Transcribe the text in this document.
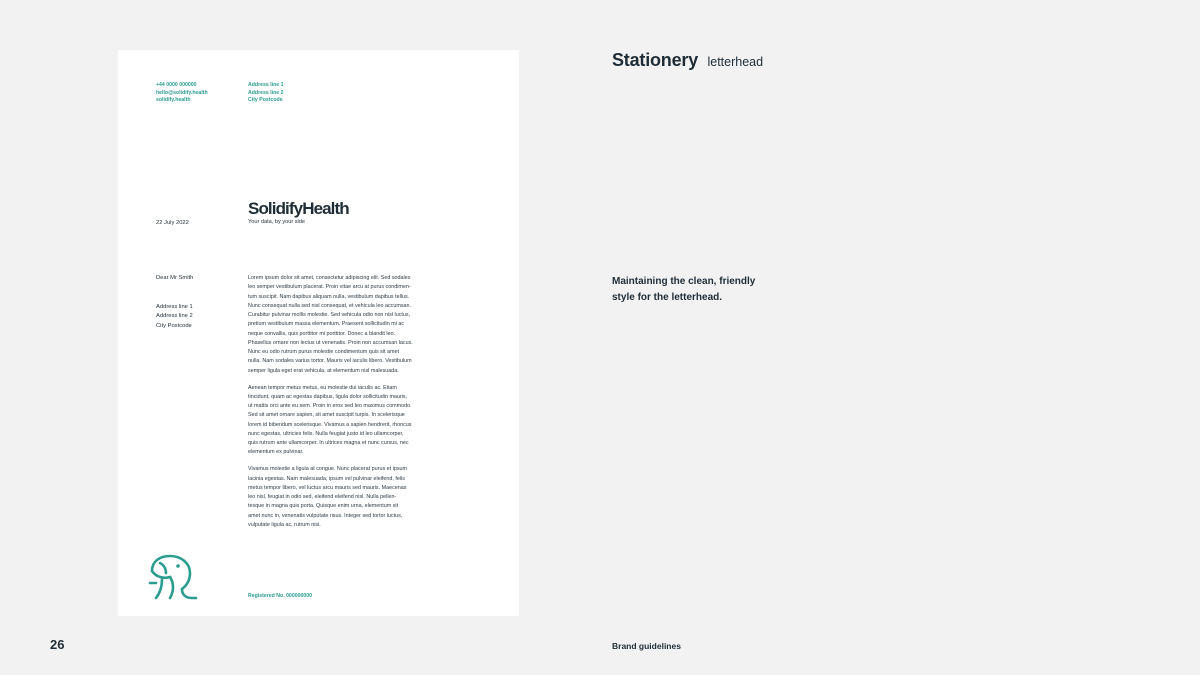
+44 0000 000000
hello@solidify.health
solidify.health
Address line 1
Address line 2
City Postcode
SolidifyHealth
Your data, by your side
22 July 2022
Dear Mr Smith
Address line 1
Address line 2
City Postcode

Lorem ipsum dolor sit amet, consectetur adipiscing elit. Sed sodales
leo semper vestibulum placerat. Proin vitae arcu at purus condimen-
tum suscipit. Nam dapibus aliquam nulla, vestibulum dapibus tellus.
Nunc consequat nulla sed nisl consequat, et vehicula leo accumsan.
Curabitur pulvinar mollis molestie. Sed vehicula odio non nisl luctus,
pretium vestibulum massa elementum. Praesent sollicitudin mi ac
neque convallis, quis porttitor mi porttitor. Donec a blandit leo.
Phasellus ornare non lectus ut venenatis. Proin non accumsan lacus.
Nunc eu odio rutrum purus molestie condimentum quis sit amet
nulla. Nam sodales varius tortor. Mauris vel iaculis libero. Vestibulum
semper ligula eget erat vehicula, at elementum nisl malesuada.

Aenean tempor metus metus, eu molestie dui iaculis ac. Etiam
tincidunt, quam ac egestas dapibus, ligula dolor sollicitudin mauris,
ut mattis orci ante eu sem. Proin in eros sed leo maximus commodo.
Sed sit amet ornare sapien, sit amet suscipit turpis. In scelerisque
lorem id bibendum scelerisque. Vivamus a sapien hendrerit, rhoncus
nunc egestas, ultricies felis. Nulla feugiat justo id leo ullamcorper,
quis rutrum ante ullamcorper. In ultrices magna et nunc cursus, nec
elementum ex pulvinar.

Vivamus molestie a ligula at congue. Nunc placerat purus et ipsum
lacinia egestas. Nam malesuada, ipsum vel pulvinar eleifend, felis
metus tempor libero, vel luctus arcu mauris sed mauris. Maecenas
leo nisl, feugiat in odio sed, eleifend eleifend nisl. Nulla pellen-
tesque in magna quis porta. Quisque enim urna, elementum sit
amet nunc in, venenatis vulputate risus. Integer sed tortor luctus,
vulputate ligula ac, rutrum nisi.

Registered No. 000000000
Stationery letterhead
Maintaining the clean, friendly
style for the letterhead.
26	Brand guidelines
